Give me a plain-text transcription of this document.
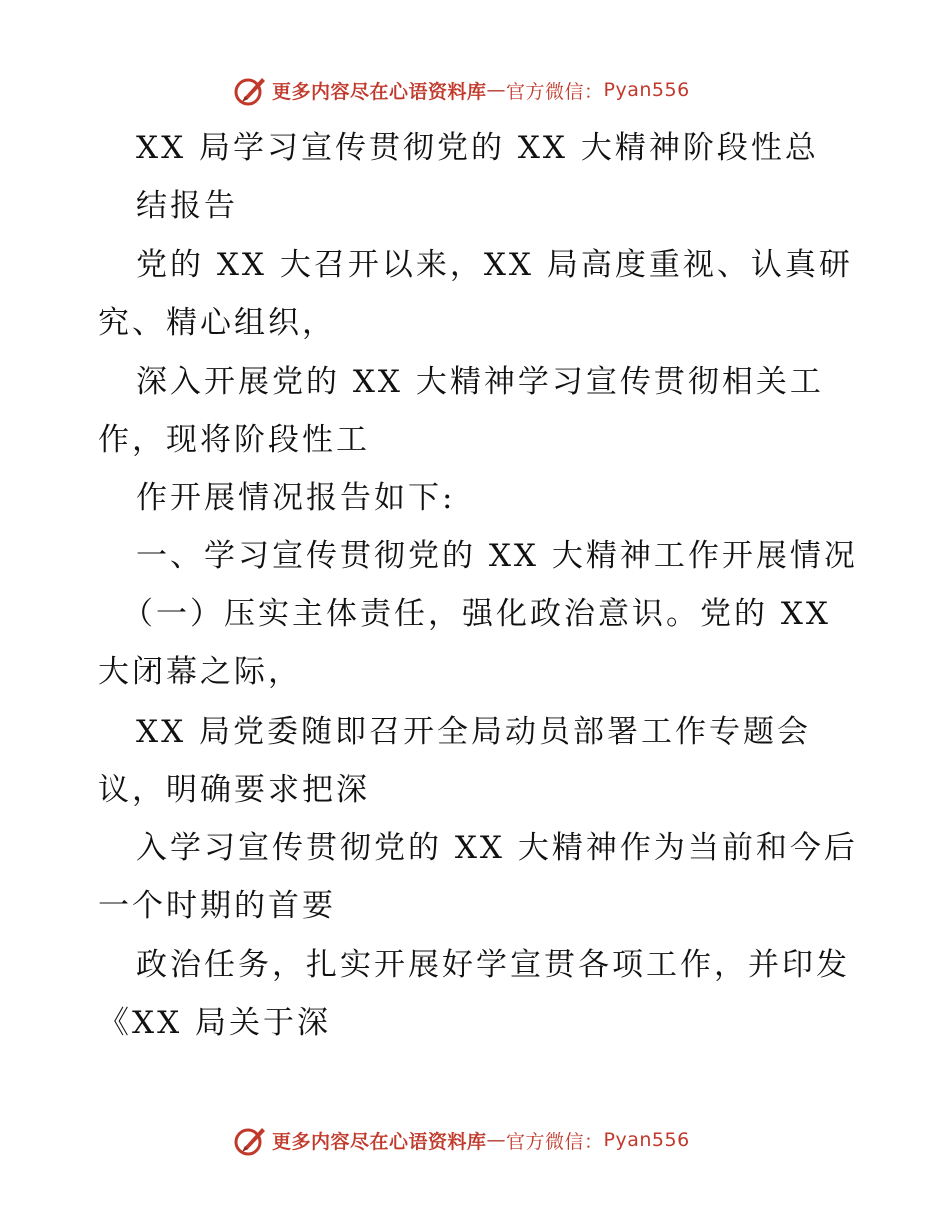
更多内容尽在心语资料库 — 官方微信： Pyan556
XX 局学习宣传贯彻党的 XX 大精神阶段性总
结报告
党的 XX 大召开以来，XX 局高度重视、认真研
究、精心组织，
深入开展党的 XX 大精神学习宣传贯彻相关工
作，现将阶段性工
作开展情况报告如下:
一、学习宣传贯彻党的 XX 大精神工作开展情况
（一）压实主体责任，强化政治意识。党的 XX
大闭幕之际，
XX 局党委随即召开全局动员部署工作专题会
议，明确要求把深
入学习宣传贯彻党的 XX 大精神作为当前和今后
一个时期的首要
政治任务，扎实开展好学宣贯各项工作，并印发
《XX 局关于深
更多内容尽在心语资料库 — 官方微信： Pyan556
